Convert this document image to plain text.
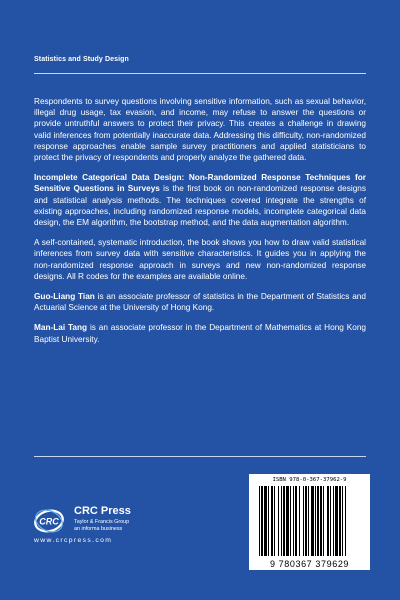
Statistics and Study Design

Respondents to survey questions involving sensitive information, such as sexual behavior, illegal drug usage, tax evasion, and income, may refuse to answer the questions or provide untruthful answers to protect their privacy. This creates a challenge in drawing valid inferences from potentially inaccurate data. Addressing this difficulty, non-randomized response approaches enable sample survey practitioners and applied statisticians to protect the privacy of respondents and properly analyze the gathered data.

Incomplete Categorical Data Design: Non-Randomized Response Techniques for Sensitive Questions in Surveys is the first book on non-randomized response designs and statistical analysis methods. The techniques covered integrate the strengths of existing approaches, including randomized response models, incomplete categorical data design, the EM algorithm, the bootstrap method, and the data augmentation algorithm.

A self-contained, systematic introduction, the book shows you how to draw valid statistical inferences from survey data with sensitive characteristics. It guides you in applying the non-randomized response approach in surveys and new non-randomized response designs. All R codes for the examples are available online.

Guo-Liang Tian is an associate professor of statistics in the Department of Statistics and Actuarial Science at the University of Hong Kong.

Man-Lai Tang is an associate professor in the Department of Mathematics at Hong Kong Baptist University.

CRC
CRC Press
Taylor & Francis Group
an informa business
www.crcpress.com
ISBN 978-0-367-37962-9
9 780367 379629
